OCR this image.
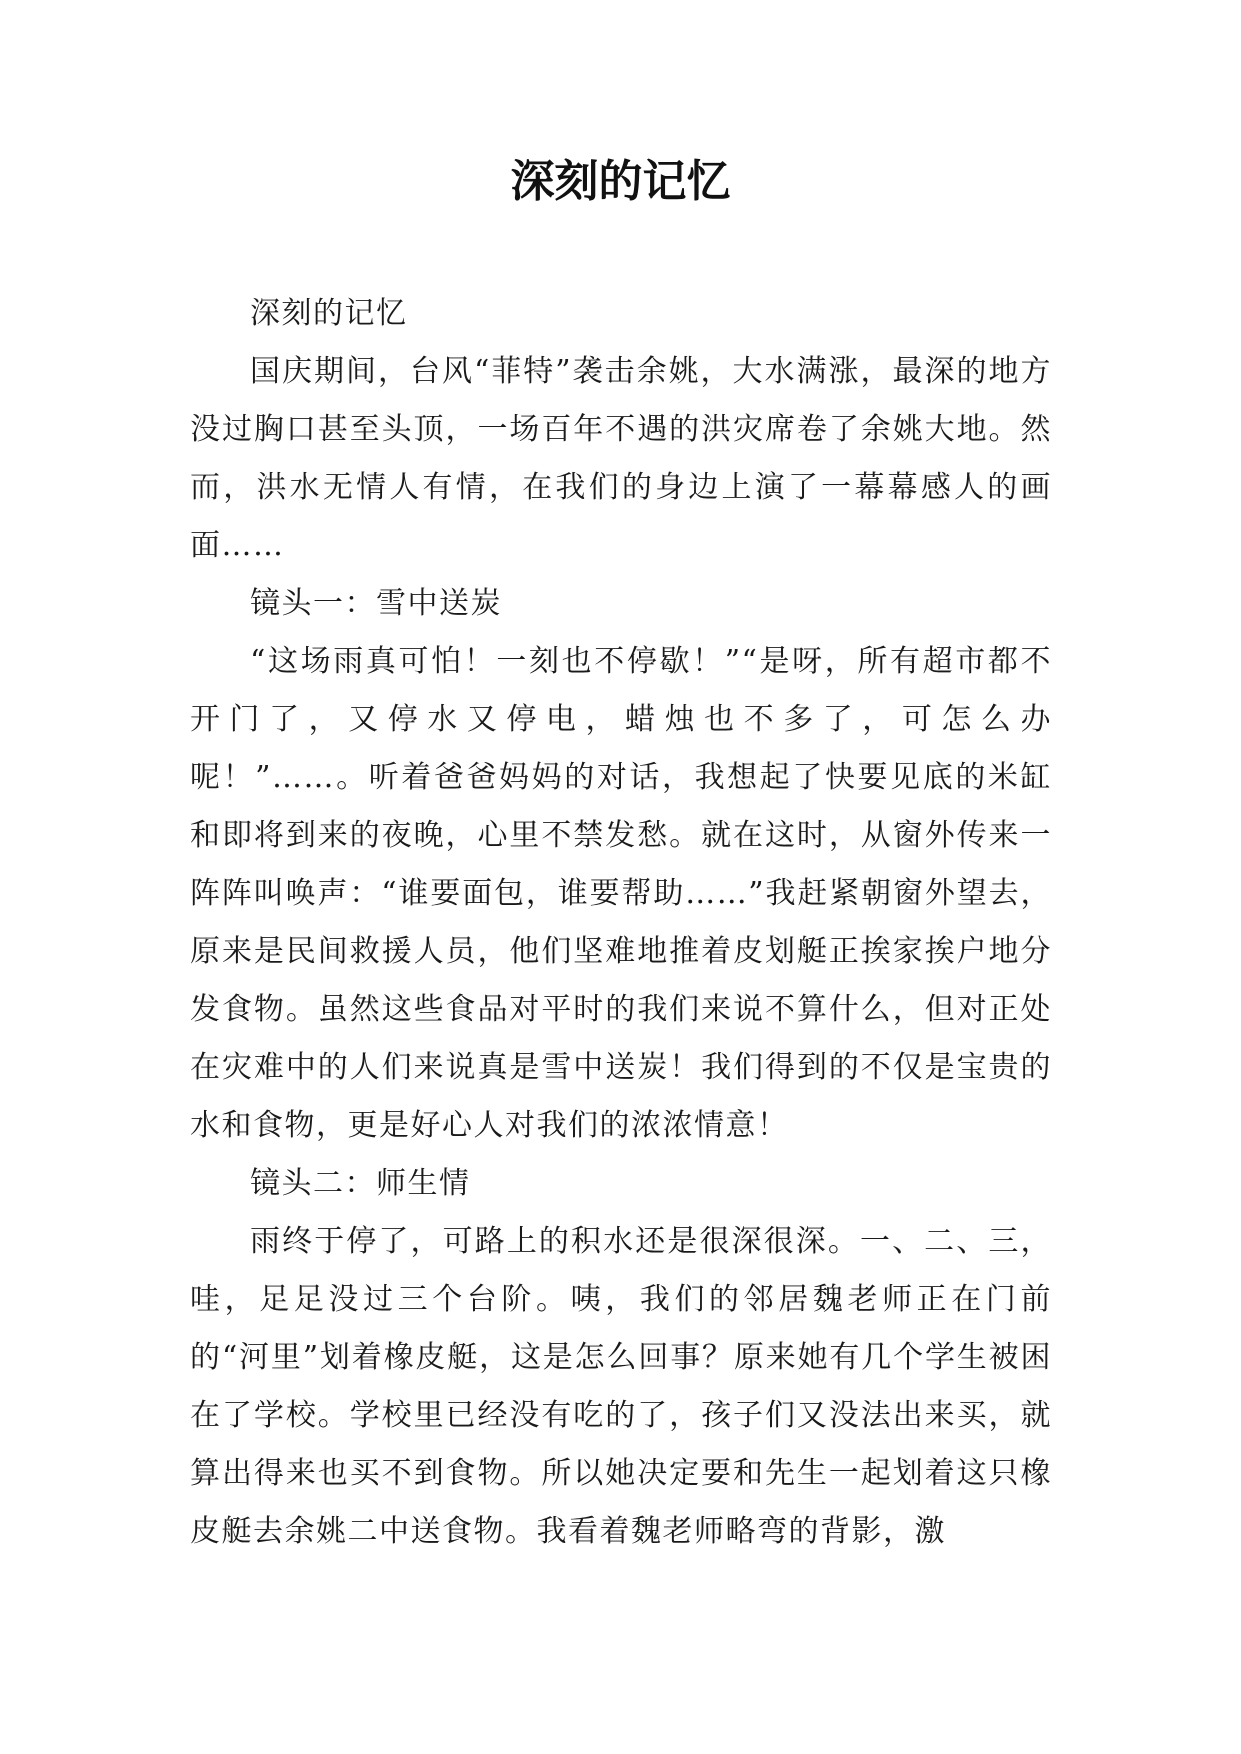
深刻的记忆

深刻的记忆

国庆期间，台风“菲特”袭击余姚，大水满涨，最深的地方没过胸口甚至头顶，一场百年不遇的洪灾席卷了余姚大地。然而，洪水无情人有情，在我们的身边上演了一幕幕感人的画面……

镜头一：雪中送炭

“这场雨真可怕！一刻也不停歇！”“是呀，所有超市都不开门了，又停水又停电，蜡烛也不多了，可怎么办呢！”……。听着爸爸妈妈的对话，我想起了快要见底的米缸和即将到来的夜晚，心里不禁发愁。就在这时，从窗外传来一阵阵叫唤声：“谁要面包，谁要帮助……”我赶紧朝窗外望去，原来是民间救援人员，他们坚难地推着皮划艇正挨家挨户地分发食物。虽然这些食品对平时的我们来说不算什么，但对正处在灾难中的人们来说真是雪中送炭！我们得到的不仅是宝贵的水和食物，更是好心人对我们的浓浓情意！

镜头二：师生情

雨终于停了，可路上的积水还是很深很深。一、二、三，哇，足足没过三个台阶。咦，我们的邻居魏老师正在门前的“河里”划着橡皮艇，这是怎么回事？原来她有几个学生被困在了学校。学校里已经没有吃的了，孩子们又没法出来买，就算出得来也买不到食物。所以她决定要和先生一起划着这只橡皮艇去余姚二中送食物。我看着魏老师略弯的背影，激
